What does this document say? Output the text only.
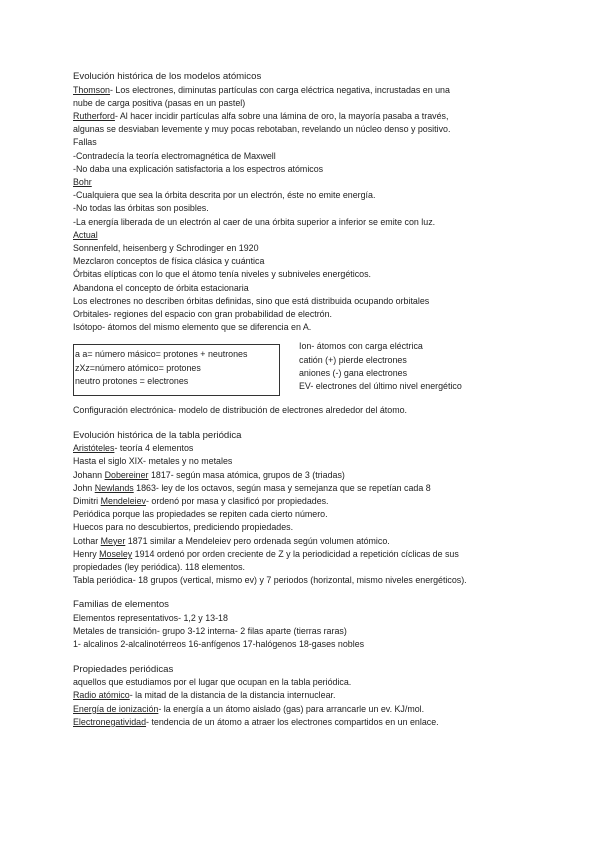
Evolución histórica de los modelos atómicos
Thomson- Los electrones, diminutas partículas con carga eléctrica negativa, incrustadas en una
nube de carga positiva (pasas en un pastel)
Rutherford- Al hacer incidir partículas alfa sobre una lámina de oro, la mayoría pasaba a través,
algunas se desviaban levemente y muy pocas rebotaban, revelando un núcleo denso y positivo.
Fallas
-Contradecía la teoría electromagnética de Maxwell
-No daba una explicación satisfactoria a los espectros atómicos
Bohr
-Cualquiera que sea la órbita descrita por un electrón, éste no emite energía.
-No todas las órbitas son posibles.
-La energía liberada de un electrón al caer de una órbita superior a inferior se emite con luz.
Actual
Sonnenfeld, heisenberg y Schrodinger en 1920
Mezclaron conceptos de física clásica y cuántica
Órbitas elípticas con lo que el átomo tenía niveles y subniveles energéticos.
Abandona el concepto de órbita estacionaria
Los electrones no describen órbitas definidas, sino que está distribuida ocupando orbitales
Orbitales- regiones del espacio con gran probabilidad de electrón.
Isótopo- átomos del mismo elemento que se diferencia en A.
a a= número másico= protones + neutrones
zXz=número atómico= protones
neutro protones = electrones
Ion- átomos con carga eléctrica
catión (+) pierde electrones
aniones (-) gana electrones
EV- electrones del último nivel energético
Configuración electrónica- modelo de distribución de electrones alrededor del átomo.
Evolución histórica de la tabla periódica
Aristóteles- teoría 4 elementos
Hasta el siglo XIX- metales y no metales
Johann Dobereiner 1817- según masa atómica, grupos de 3 (triadas)
John Newlands 1863- ley de los octavos, según masa y semejanza que se repetían cada 8
Dimitri Mendeleiev- ordenó por masa y clasificó por propiedades.
Periódica porque las propiedades se repiten cada cierto número.
Huecos para no descubiertos, prediciendo propiedades.
Lothar Meyer 1871 similar a Mendeleiev pero ordenada según volumen atómico.
Henry Moseley 1914 ordenó por orden creciente de Z y la periodicidad a repetición cíclicas de sus
propiedades (ley periódica). 118 elementos.
Tabla periódica- 18 grupos (vertical, mismo ev) y 7 periodos (horizontal, mismo niveles energéticos).
Familias de elementos
Elementos representativos- 1,2 y 13-18
Metales de transición- grupo 3-12 interna- 2 filas aparte (tierras raras)
1- alcalinos 2-alcalinotérreos 16-anfígenos 17-halógenos 18-gases nobles
Propiedades periódicas
aquellos que estudiamos por el lugar que ocupan en la tabla periódica.
Radio atómico- la mitad de la distancia de la distancia internuclear.
Energía de ionización- la energía a un átomo aislado (gas) para arrancarle un ev. KJ/mol.
Electronegatividad- tendencia de un átomo a atraer los electrones compartidos en un enlace.
